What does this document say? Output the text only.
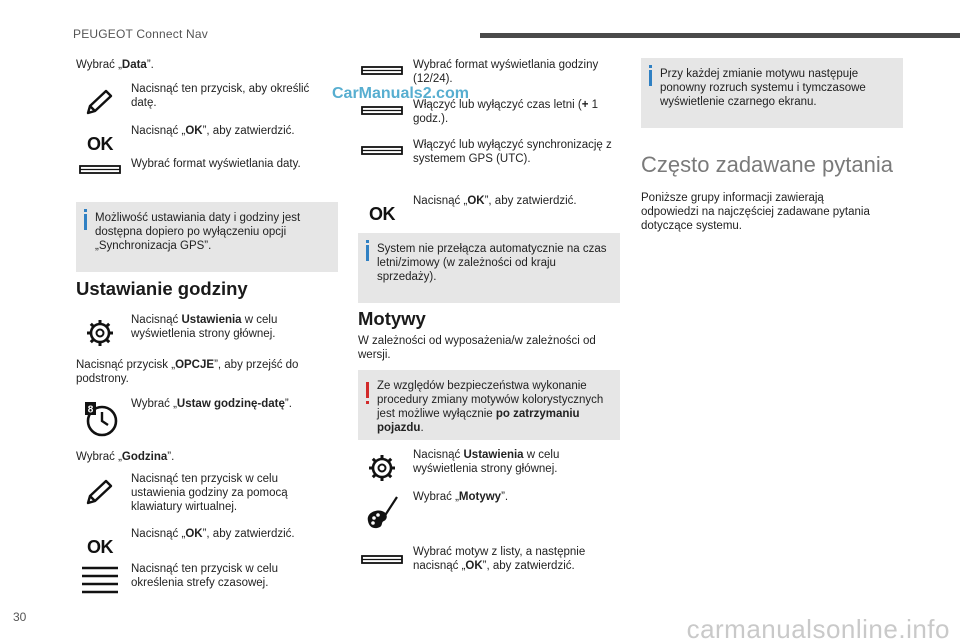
PEUGEOT Connect Nav
CarManuals2.com
Wybrać „Data”.
Nacisnąć ten przycisk, aby określić datę.
OK
Nacisnąć „OK”, aby zatwierdzić.
Wybrać format wyświetlania daty.
Możliwość ustawiania daty i godziny jest dostępna dopiero po wyłączeniu opcji „Synchronizacja GPS”.
Ustawianie godziny
Nacisnąć Ustawienia w celu wyświetlenia strony głównej.
Nacisnąć przycisk „OPCJE”, aby przejść do podstrony.
8	Wybrać „Ustaw godzinę-datę”.
Wybrać „Godzina”.
Nacisnąć ten przycisk w celu ustawienia godziny za pomocą klawiatury wirtualnej.
OK
Nacisnąć „OK”, aby zatwierdzić.
Nacisnąć ten przycisk w celu określenia strefy czasowej.
Wybrać format wyświetlania godziny (12/24).
Włączyć lub wyłączyć czas letni (+ 1 godz.).
Włączyć lub wyłączyć synchronizację z systemem GPS (UTC).
OK
Nacisnąć „OK”, aby zatwierdzić.
System nie przełącza automatycznie na czas letni/zimowy (w zależności od kraju sprzedaży).
Motywy
W zależności od wyposażenia/w zależności od wersji.
Ze względów bezpieczeństwa wykonanie procedury zmiany motywów kolorystycznych jest możliwe wyłącznie po zatrzymaniu pojazdu.
Nacisnąć Ustawienia w celu wyświetlenia strony głównej.
Wybrać „Motywy”.
Wybrać motyw z listy, a następnie nacisnąć „OK”, aby zatwierdzić.
Przy każdej zmianie motywu następuje ponowny rozruch systemu i tymczasowe wyświetlenie czarnego ekranu.
Często zadawane pytania
Poniższe grupy informacji zawierają odpowiedzi na najczęściej zadawane pytania dotyczące systemu.
30	carmanualsonline.info
